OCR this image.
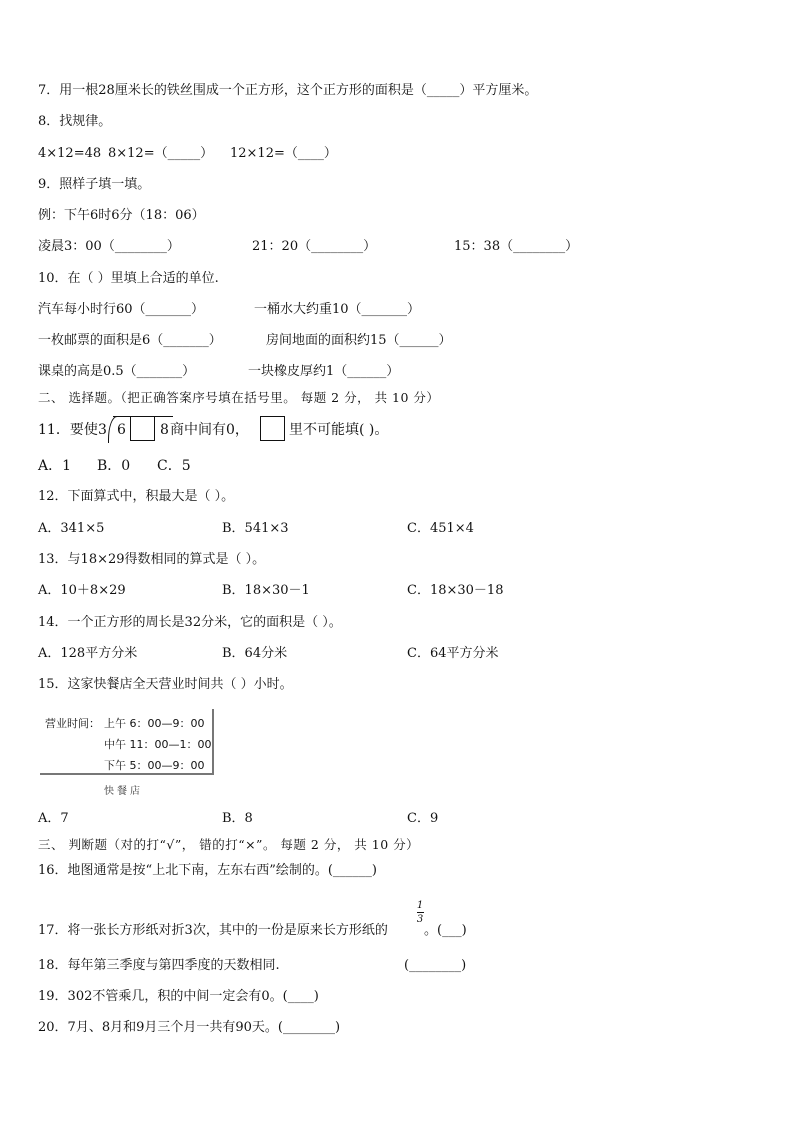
7．用一根28厘米长的铁丝围成一个正方形，这个正方形的面积是（_____）平方厘米。
8．找规律。
4×12=48 8×12=（_____） 12×12=（____）
9．照样子填一填。
例：下午6时6分（18：06）
凌晨3：00（________）	21：20（________）	15：38（________）
10．在（ ）里填上合适的单位.
汽车每小时行60（_______）	一桶水大约重10（_______）
一枚邮票的面积是6（_______）	房间地面的面积约15（______）
课桌的高是0.5（_______）	一块橡皮厚约1（______）
二、 选择题。（把正确答案序号填在括号里。 每题 2 分， 共 10 分）
11．要使 3 6 8 商中间有0，	里不可能填( )。
A．1 B．0 C．5
12．下面算式中，积最大是（ ）。
A．341×5	B．541×3	C．451×4
13．与18×29得数相同的算式是（ ）。
A．10＋8×29	B．18×30－1	C．18×30－18
14．一个正方形的周长是32分米，它的面积是（ ）。
A．128平方分米	B．64分米	C．64平方分米
15．这家快餐店全天营业时间共（ ）小时。
营业时间： 上午 6：00—9：00
中午 11：00—1：00
下午 5：00—9：00
快餐店
A．7	B．8	C．9
三、 判断题（对的打“√”， 错的打“×”。 每题 2 分， 共 10 分）
16．地图通常是按“上北下南，左东右西”绘制的。(______)
1
3
17．将一张长方形纸对折3次，其中的一份是原来长方形纸的	。(___)
18．每年第三季度与第四季度的天数相同.	(________)
19．302不管乘几，积的中间一定会有0。(____)
20．7月、8月和9月三个月一共有90天。(________)
